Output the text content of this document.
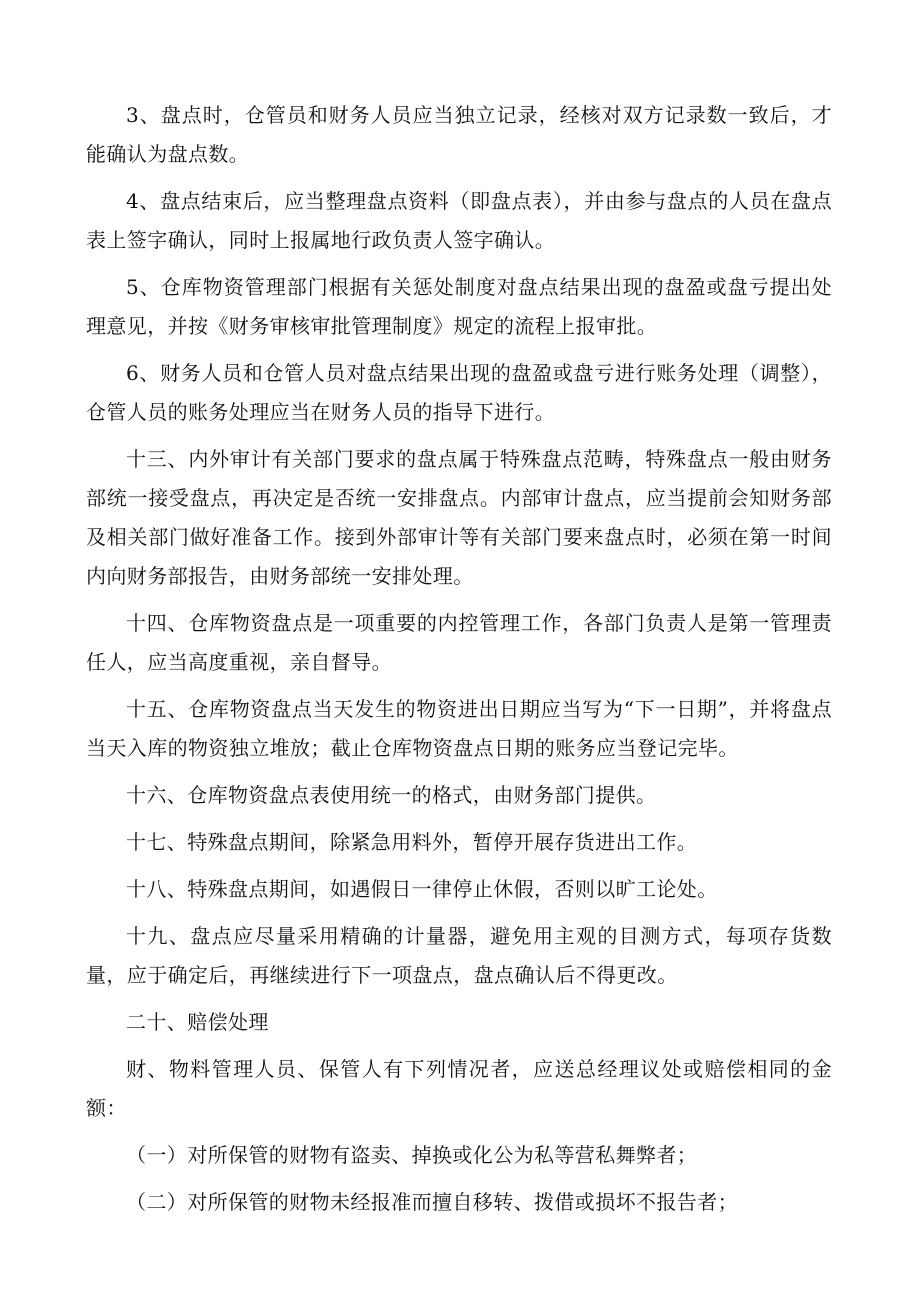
3、盘点时，仓管员和财务人员应当独立记录，经核对双方记录数一致后，才能确认为盘点数。

4、盘点结束后，应当整理盘点资料（即盘点表），并由参与盘点的人员在盘点表上签字确认，同时上报属地行政负责人签字确认。

5、仓库物资管理部门根据有关惩处制度对盘点结果出现的盘盈或盘亏提出处理意见，并按《财务审核审批管理制度》规定的流程上报审批。

6、财务人员和仓管人员对盘点结果出现的盘盈或盘亏进行账务处理（调整），仓管人员的账务处理应当在财务人员的指导下进行。

十三、内外审计有关部门要求的盘点属于特殊盘点范畴，特殊盘点一般由财务部统一接受盘点，再决定是否统一安排盘点。内部审计盘点，应当提前会知财务部及相关部门做好准备工作。接到外部审计等有关部门要来盘点时，必须在第一时间内向财务部报告，由财务部统一安排处理。

十四、仓库物资盘点是一项重要的内控管理工作，各部门负责人是第一管理责任人，应当高度重视，亲自督导。

十五、仓库物资盘点当天发生的物资进出日期应当写为“下一日期”，并将盘点当天入库的物资独立堆放；截止仓库物资盘点日期的账务应当登记完毕。

十六、仓库物资盘点表使用统一的格式，由财务部门提供。

十七、特殊盘点期间，除紧急用料外，暂停开展存货进出工作。

十八、特殊盘点期间，如遇假日一律停止休假，否则以旷工论处。

十九、盘点应尽量采用精确的计量器，避免用主观的目测方式，每项存货数量，应于确定后，再继续进行下一项盘点，盘点确认后不得更改。

二十、赔偿处理

财、物料管理人员、保管人有下列情况者，应送总经理议处或赔偿相同的金额：

（一）对所保管的财物有盗卖、掉换或化公为私等营私舞弊者；

（二）对所保管的财物未经报准而擅自移转、拨借或损坏不报告者；
